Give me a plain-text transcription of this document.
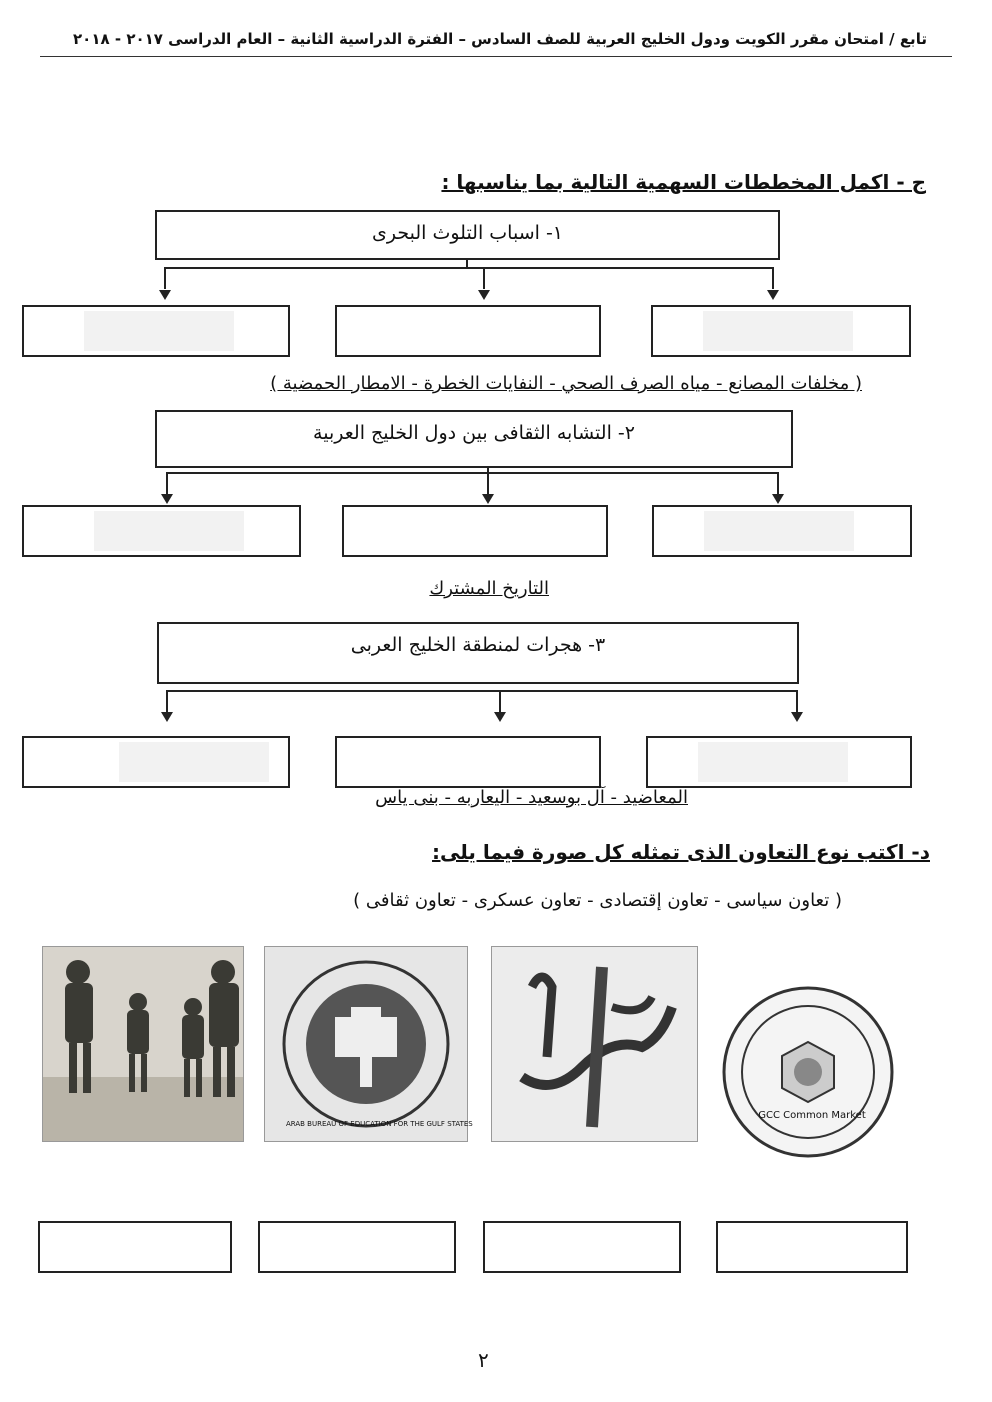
تابع / امتحان مقرر الكويت ودول الخليج العربية للصف السادس – الفترة الدراسية الثانية – العام الدراسى ٢٠١٧ - ٢٠١٨
ج - اكمل المخططات السهمية التالية بما يناسبها :
١- اسباب التلوث البحرى
( مخلفات المصانع - مياه الصرف الصحي - النفايات الخطرة - الامطار الحمضية )
٢- التشابه الثقافى بين دول الخليج العربية
التاريخ المشترك
٣- هجرات لمنطقة الخليج العربى
المعاضيد - آل بوسعيد - اليعاربه - بنى ياس
د- اكتب نوع التعاون الذى تمثله كل صورة فيما يلى:
( تعاون سياسى - تعاون إقتصادى - تعاون عسكرى - تعاون ثقافى )
ARAB BUREAU OF EDUCATION FOR THE GULF STATES
GCC Common Market
٢
